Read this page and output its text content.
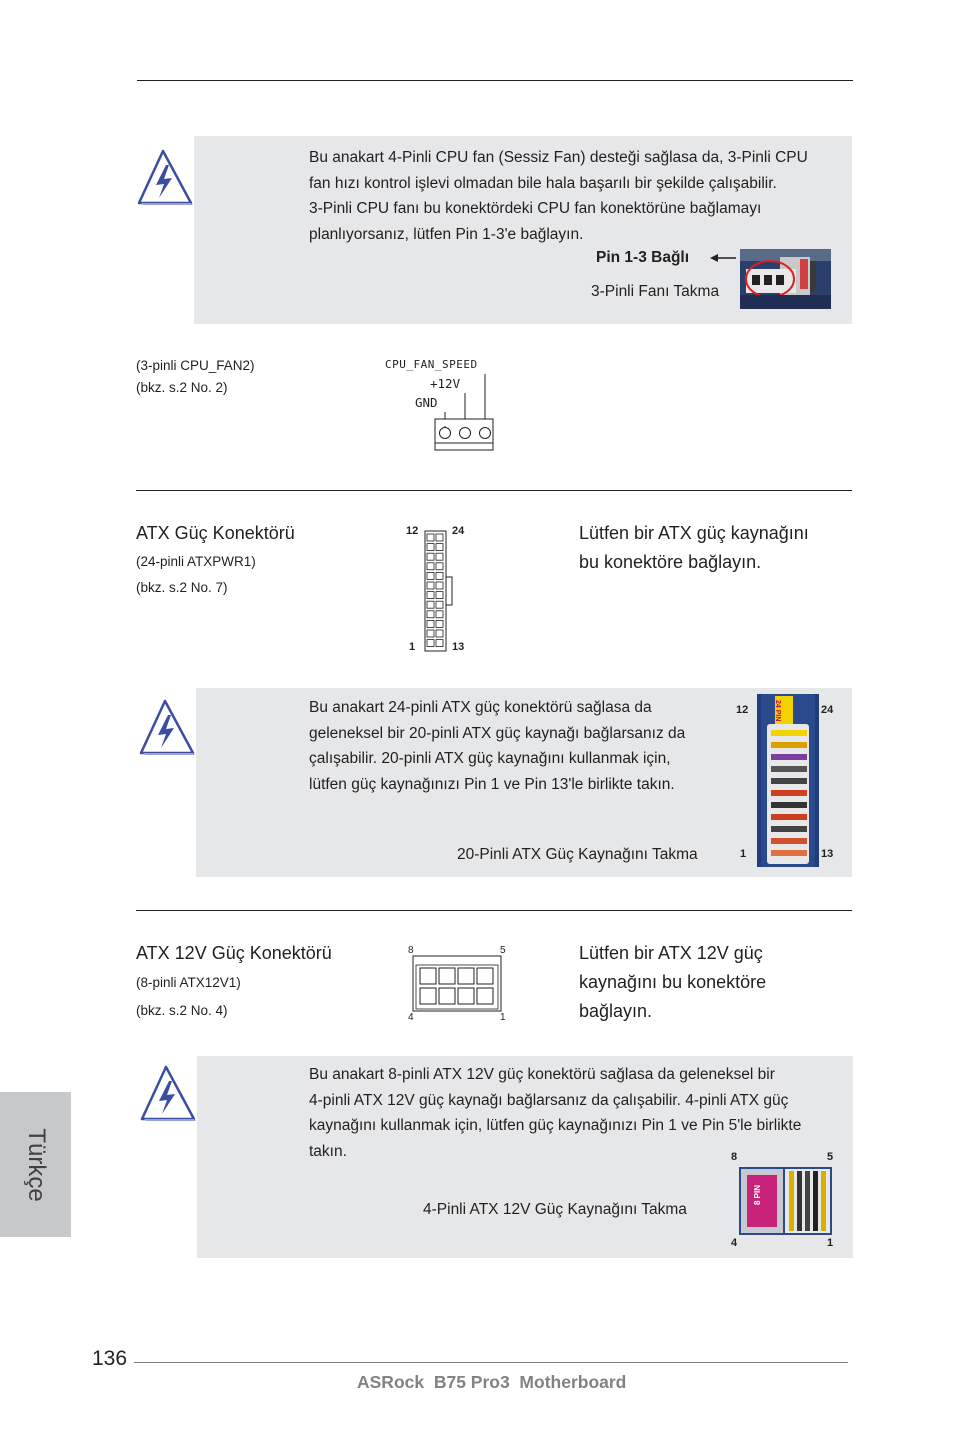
Bu anakart 4-Pinli CPU fan (Sessiz Fan) desteği sağlasa da, 3-Pinli CPU
fan hızı kontrol işlevi olmadan bile hala başarılı bir şekilde çalışabilir.
3-Pinli CPU fanı bu konektördeki CPU fan konektörüne bağlamayı
planlıyorsanız, lütfen Pin 1-3'e bağlayın.
Pin 1-3 Bağlı
3-Pinli Fanı Takma
(3-pinli CPU_FAN2)
(bkz. s.2 No. 2)
CPU_FAN_SPEED
+12V
GND
ATX Güç Konektörü
(24-pinli ATXPWR1)
(bkz. s.2 No. 7)
12	24
1	13
Lütfen bir ATX güç kaynağını
bu konektöre bağlayın.
Bu anakart 24-pinli ATX güç konektörü sağlasa da
geleneksel bir 20-pinli ATX güç kaynağı bağlarsanız da
çalışabilir. 20-pinli ATX güç kaynağını kullanmak için,
lütfen güç kaynağınızı Pin 1 ve Pin 13'le birlikte takın.
20-Pinli ATX Güç Kaynağını Takma
12	24
1	13
24 PIN
ATX 12V Güç Konektörü
(8-pinli ATX12V1)
(bkz. s.2 No. 4)
8	5
4	1
Lütfen bir ATX 12V güç
kaynağını bu konektöre
bağlayın.
Bu anakart 8-pinli ATX 12V güç konektörü sağlasa da geleneksel bir
4-pinli ATX 12V güç kaynağı bağlarsanız da çalışabilir. 4-pinli ATX güç
kaynağını kullanmak için, lütfen güç kaynağınızı Pin 1 ve Pin 5'le birlikte
takın.
4-Pinli ATX 12V Güç Kaynağını Takma
8	5
4	1
8 PIN
Türkçe
136
ASRock  B75 Pro3  Motherboard
